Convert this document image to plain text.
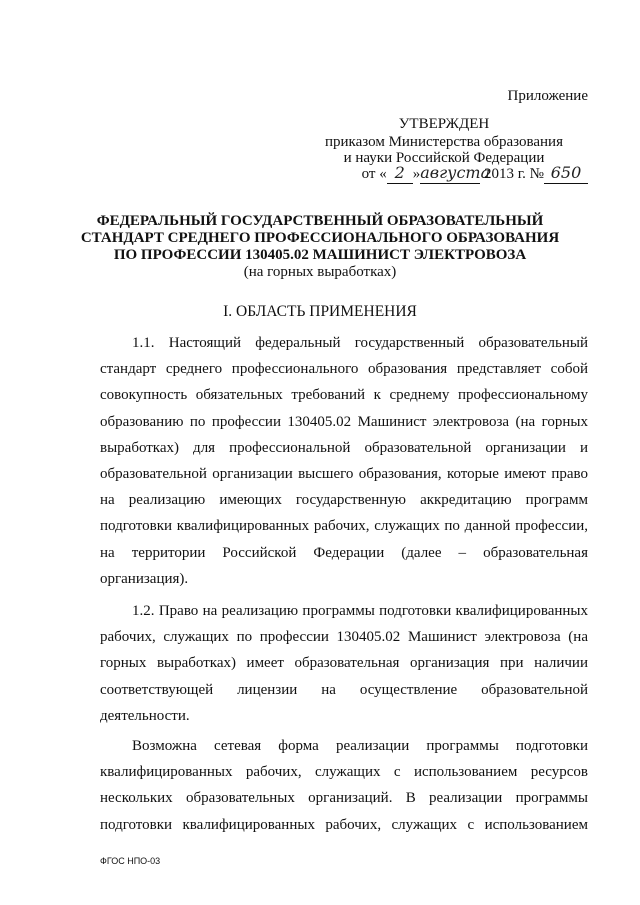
Приложение
УТВЕРЖДЕН
приказом Министерства образования
и науки Российской Федерации
от « 2 »августа 2013 г. № 650
ФЕДЕРАЛЬНЫЙ ГОСУДАРСТВЕННЫЙ ОБРАЗОВАТЕЛЬНЫЙ
СТАНДАРТ СРЕДНЕГО ПРОФЕССИОНАЛЬНОГО ОБРАЗОВАНИЯ
ПО ПРОФЕССИИ 130405.02 МАШИНИСТ ЭЛЕКТРОВОЗА
(на горных выработках)
I. ОБЛАСТЬ ПРИМЕНЕНИЯ
1.1. Настоящий федеральный государственный образовательный стандарт среднего профессионального образования представляет собой совокупность обязательных требований к среднему профессиональному образованию по профессии 130405.02 Машинист электровоза (на горных выработках) для профессиональной образовательной организации и образовательной организации высшего образования, которые имеют право на реализацию имеющих государственную аккредитацию программ подготовки квалифицированных рабочих, служащих по данной профессии, на территории Российской Федерации (далее – образовательная организация).
1.2. Право на реализацию программы подготовки квалифицированных рабочих, служащих по профессии 130405.02 Машинист электровоза (на горных выработках) имеет образовательная организация при наличии соответствующей лицензии на осуществление образовательной деятельности.
Возможна сетевая форма реализации программы подготовки квалифицированных рабочих, служащих с использованием ресурсов нескольких образовательных организаций. В реализации программы подготовки квалифицированных рабочих, служащих с использованием
ФГОС НПО-03
